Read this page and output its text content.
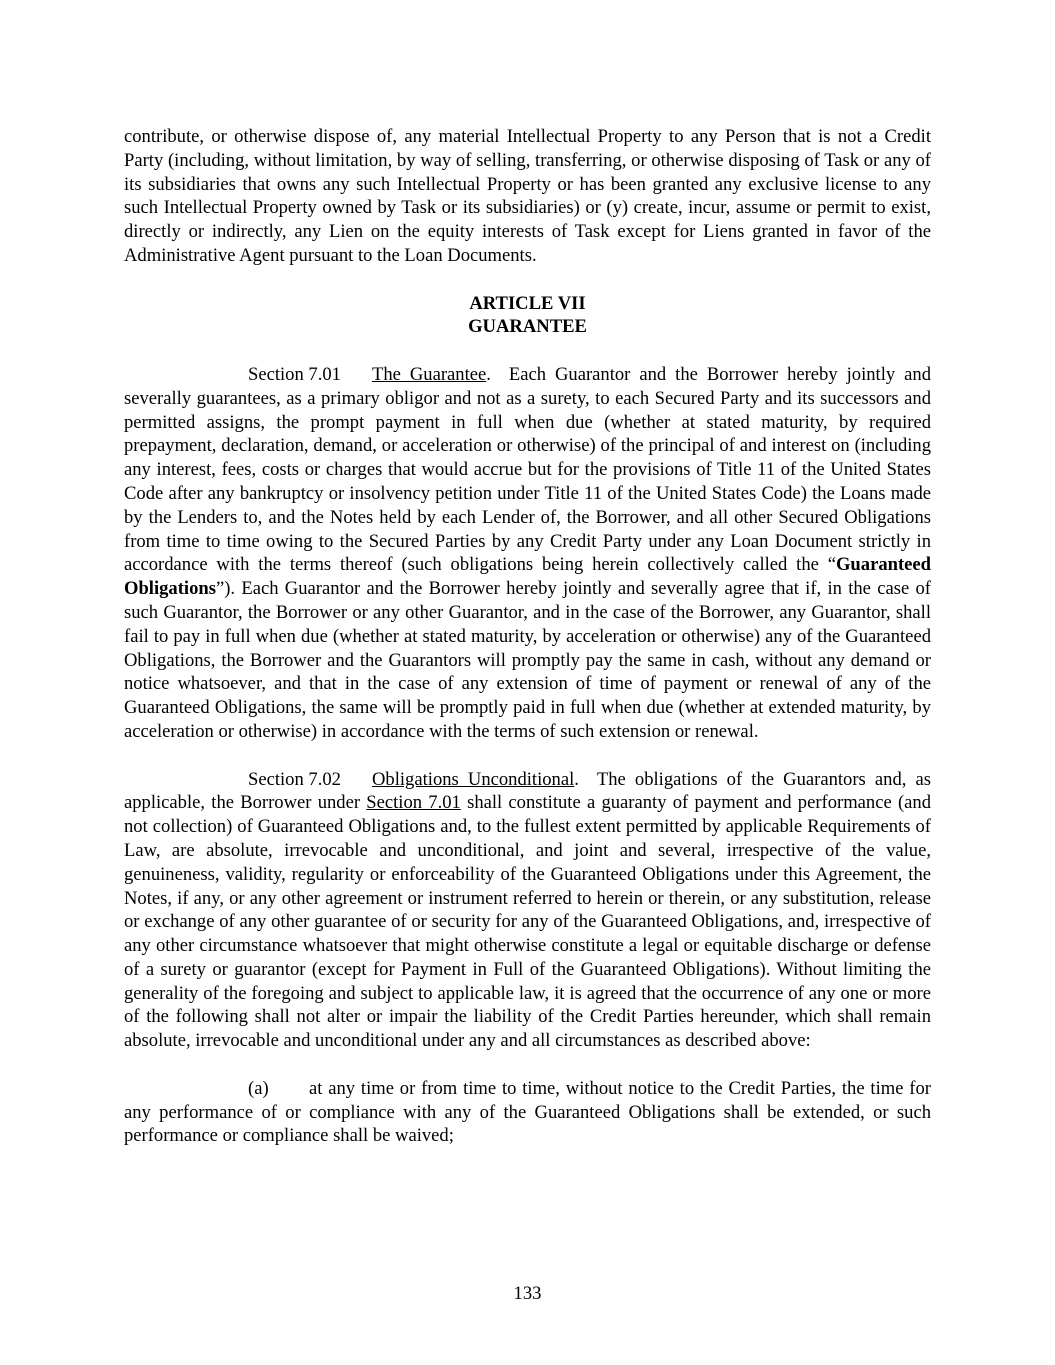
contribute, or otherwise dispose of, any material Intellectual Property to any Person that is not a Credit Party (including, without limitation, by way of selling, transferring, or otherwise disposing of Task or any of its subsidiaries that owns any such Intellectual Property or has been granted any exclusive license to any such Intellectual Property owned by Task or its subsidiaries) or (y) create, incur, assume or permit to exist, directly or indirectly, any Lien on the equity interests of Task except for Liens granted in favor of the Administrative Agent pursuant to the Loan Documents.

ARTICLE VII

GUARANTEE

Section 7.01 The Guarantee. Each Guarantor and the Borrower hereby jointly and severally guarantees, as a primary obligor and not as a surety, to each Secured Party and its successors and permitted assigns, the prompt payment in full when due (whether at stated maturity, by required prepayment, declaration, demand, or acceleration or otherwise) of the principal of and interest on (including any interest, fees, costs or charges that would accrue but for the provisions of Title 11 of the United States Code after any bankruptcy or insolvency petition under Title 11 of the United States Code) the Loans made by the Lenders to, and the Notes held by each Lender of, the Borrower, and all other Secured Obligations from time to time owing to the Secured Parties by any Credit Party under any Loan Document strictly in accordance with the terms thereof (such obligations being herein collectively called the “Guaranteed Obligations”). Each Guarantor and the Borrower hereby jointly and severally agree that if, in the case of such Guarantor, the Borrower or any other Guarantor, and in the case of the Borrower, any Guarantor, shall fail to pay in full when due (whether at stated maturity, by acceleration or otherwise) any of the Guaranteed Obligations, the Borrower and the Guarantors will promptly pay the same in cash, without any demand or notice whatsoever, and that in the case of any extension of time of payment or renewal of any of the Guaranteed Obligations, the same will be promptly paid in full when due (whether at extended maturity, by acceleration or otherwise) in accordance with the terms of such extension or renewal.

Section 7.02 Obligations Unconditional. The obligations of the Guarantors and, as applicable, the Borrower under Section 7.01 shall constitute a guaranty of payment and performance (and not collection) of Guaranteed Obligations and, to the fullest extent permitted by applicable Requirements of Law, are absolute, irrevocable and unconditional, and joint and several, irrespective of the value, genuineness, validity, regularity or enforceability of the Guaranteed Obligations under this Agreement, the Notes, if any, or any other agreement or instrument referred to herein or therein, or any substitution, release or exchange of any other guarantee of or security for any of the Guaranteed Obligations, and, irrespective of any other circumstance whatsoever that might otherwise constitute a legal or equitable discharge or defense of a surety or guarantor (except for Payment in Full of the Guaranteed Obligations). Without limiting the generality of the foregoing and subject to applicable law, it is agreed that the occurrence of any one or more of the following shall not alter or impair the liability of the Credit Parties hereunder, which shall remain absolute, irrevocable and unconditional under any and all circumstances as described above:

(a) at any time or from time to time, without notice to the Credit Parties, the time for any performance of or compliance with any of the Guaranteed Obligations shall be extended, or such performance or compliance shall be waived;

133
